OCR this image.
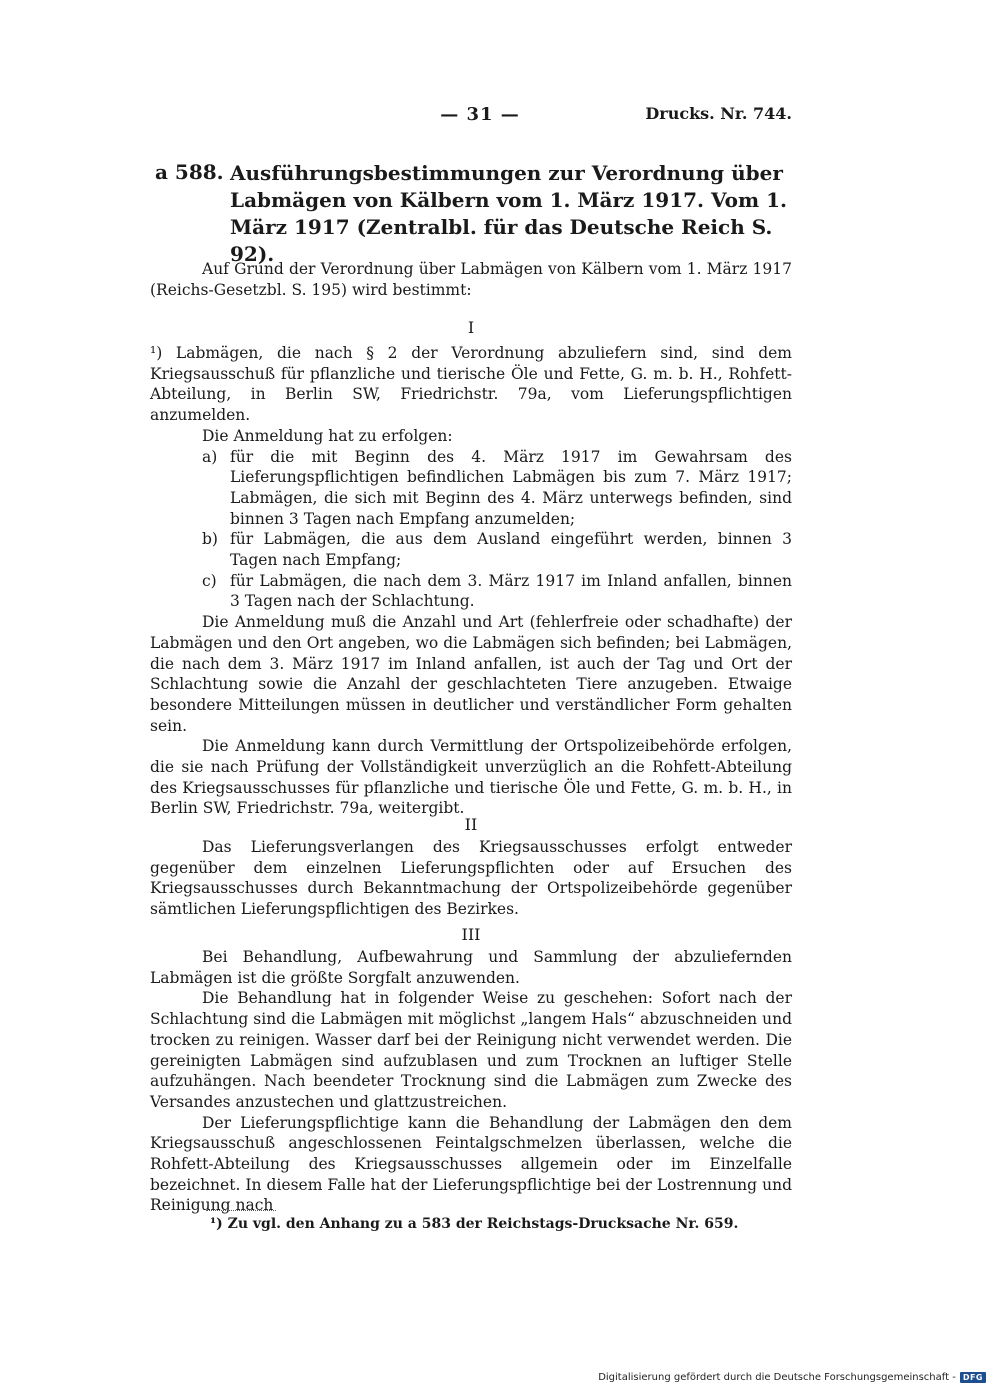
— 31 —	Drucks. Nr. 744.
a 588. Ausführungsbestimmungen zur Verordnung über Labmägen von Kälbern vom 1. März 1917. Vom 1. März 1917 (Zentralbl. für das Deutsche Reich S. 92).

Auf Grund der Verordnung über Labmägen von Kälbern vom 1. März 1917 (Reichs-Gesetzbl. S. 195) wird bestimmt:

I

¹) Labmägen, die nach § 2 der Verordnung abzuliefern sind, sind dem Kriegsausschuß für pflanzliche und tierische Öle und Fette, G. m. b. H., Rohfett-Abteilung, in Berlin SW, Friedrichstr. 79a, vom Lieferungspflichtigen anzumelden.

Die Anmeldung hat zu erfolgen:

a) für die mit Beginn des 4. März 1917 im Gewahrsam des Lieferungspflichtigen befindlichen Labmägen bis zum 7. März 1917; Labmägen, die sich mit Beginn des 4. März unterwegs befinden, sind binnen 3 Tagen nach Empfang anzumelden;
b) für Labmägen, die aus dem Ausland eingeführt werden, binnen 3 Tagen nach Empfang;
c) für Labmägen, die nach dem 3. März 1917 im Inland anfallen, binnen 3 Tagen nach der Schlachtung.

Die Anmeldung muß die Anzahl und Art (fehlerfreie oder schadhafte) der Labmägen und den Ort angeben, wo die Labmägen sich befinden; bei Labmägen, die nach dem 3. März 1917 im Inland anfallen, ist auch der Tag und Ort der Schlachtung sowie die Anzahl der geschlachteten Tiere anzugeben. Etwaige besondere Mitteilungen müssen in deutlicher und verständlicher Form gehalten sein.

Die Anmeldung kann durch Vermittlung der Ortspolizeibehörde erfolgen, die sie nach Prüfung der Vollständigkeit unverzüglich an die Rohfett-Abteilung des Kriegsausschusses für pflanzliche und tierische Öle und Fette, G. m. b. H., in Berlin SW, Friedrichstr. 79a, weitergibt.

II

Das Lieferungsverlangen des Kriegsausschusses erfolgt entweder gegenüber dem einzelnen Lieferungspflichten oder auf Ersuchen des Kriegsausschusses durch Bekanntmachung der Ortspolizeibehörde gegenüber sämtlichen Lieferungspflichtigen des Bezirkes.

III

Bei Behandlung, Aufbewahrung und Sammlung der abzuliefernden Labmägen ist die größte Sorgfalt anzuwenden.

Die Behandlung hat in folgender Weise zu geschehen: Sofort nach der Schlachtung sind die Labmägen mit möglichst „langem Hals“ abzuschneiden und trocken zu reinigen. Wasser darf bei der Reinigung nicht verwendet werden. Die gereinigten Labmägen sind aufzublasen und zum Trocknen an luftiger Stelle aufzuhängen. Nach beendeter Trocknung sind die Labmägen zum Zwecke des Versandes anzustechen und glattzustreichen.

Der Lieferungspflichtige kann die Behandlung der Labmägen den dem Kriegsausschuß angeschlossenen Feintalgschmelzen überlassen, welche die Rohfett-Abteilung des Kriegsausschusses allgemein oder im Einzelfalle bezeichnet. In diesem Falle hat der Lieferungspflichtige bei der Lostrennung und Reinigung nach

¹) Zu vgl. den Anhang zu a 583 der Reichstags-Drucksache Nr. 659.
Digitalisierung gefördert durch die Deutsche Forschungsgemeinschaft - DFG
